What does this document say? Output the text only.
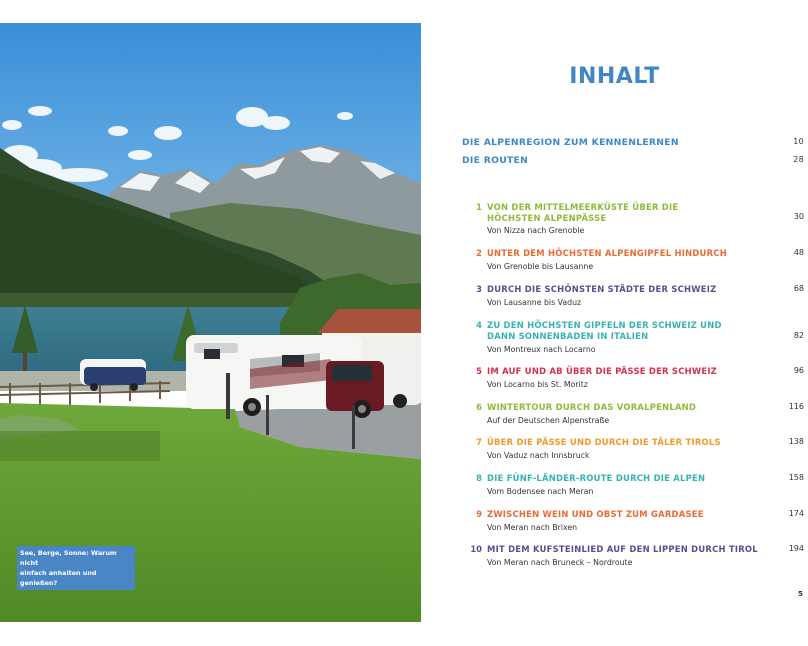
See, Berge, Sonne: Warum nicht
einfach anhalten und genießen?
INHALT
DIE ALPENREGION ZUM KENNENLERNEN	10
DIE ROUTEN	28
1 VON DER MITTELMEERKÜSTE ÜBER DIE
HÖCHSTEN ALPENPÄSSE
Von Nizza nach Grenoble
30
2 UNTER DEM HÖCHSTEN ALPENGIPFEL HINDURCH
Von Grenoble bis Lausanne
48
3 DURCH DIE SCHÖNSTEN STÄDTE DER SCHWEIZ
Von Lausanne bis Vaduz
68
4 ZU DEN HÖCHSTEN GIPFELN DER SCHWEIZ UND
DANN SONNENBADEN IN ITALIEN
Von Montreux nach Locarno
82
5 IM AUF UND AB ÜBER DIE PÄSSE DER SCHWEIZ
Von Locarno bis St. Moritz
96
6 WINTERTOUR DURCH DAS VORALPENLAND
Auf der Deutschen Alpenstraße
116
7 ÜBER DIE PÄSSE UND DURCH DIE TÄLER TIROLS
Von Vaduz nach Innsbruck
138
8 DIE FÜNF-LÄNDER-ROUTE DURCH DIE ALPEN
Vom Bodensee nach Meran
158
9 ZWISCHEN WEIN UND OBST ZUM GARDASEE
Von Meran nach Brixen
174
10 MIT DEM KUFSTEINLIED AUF DEN LIPPEN DURCH TIROL
Von Meran nach Bruneck – Nordroute
194
5
